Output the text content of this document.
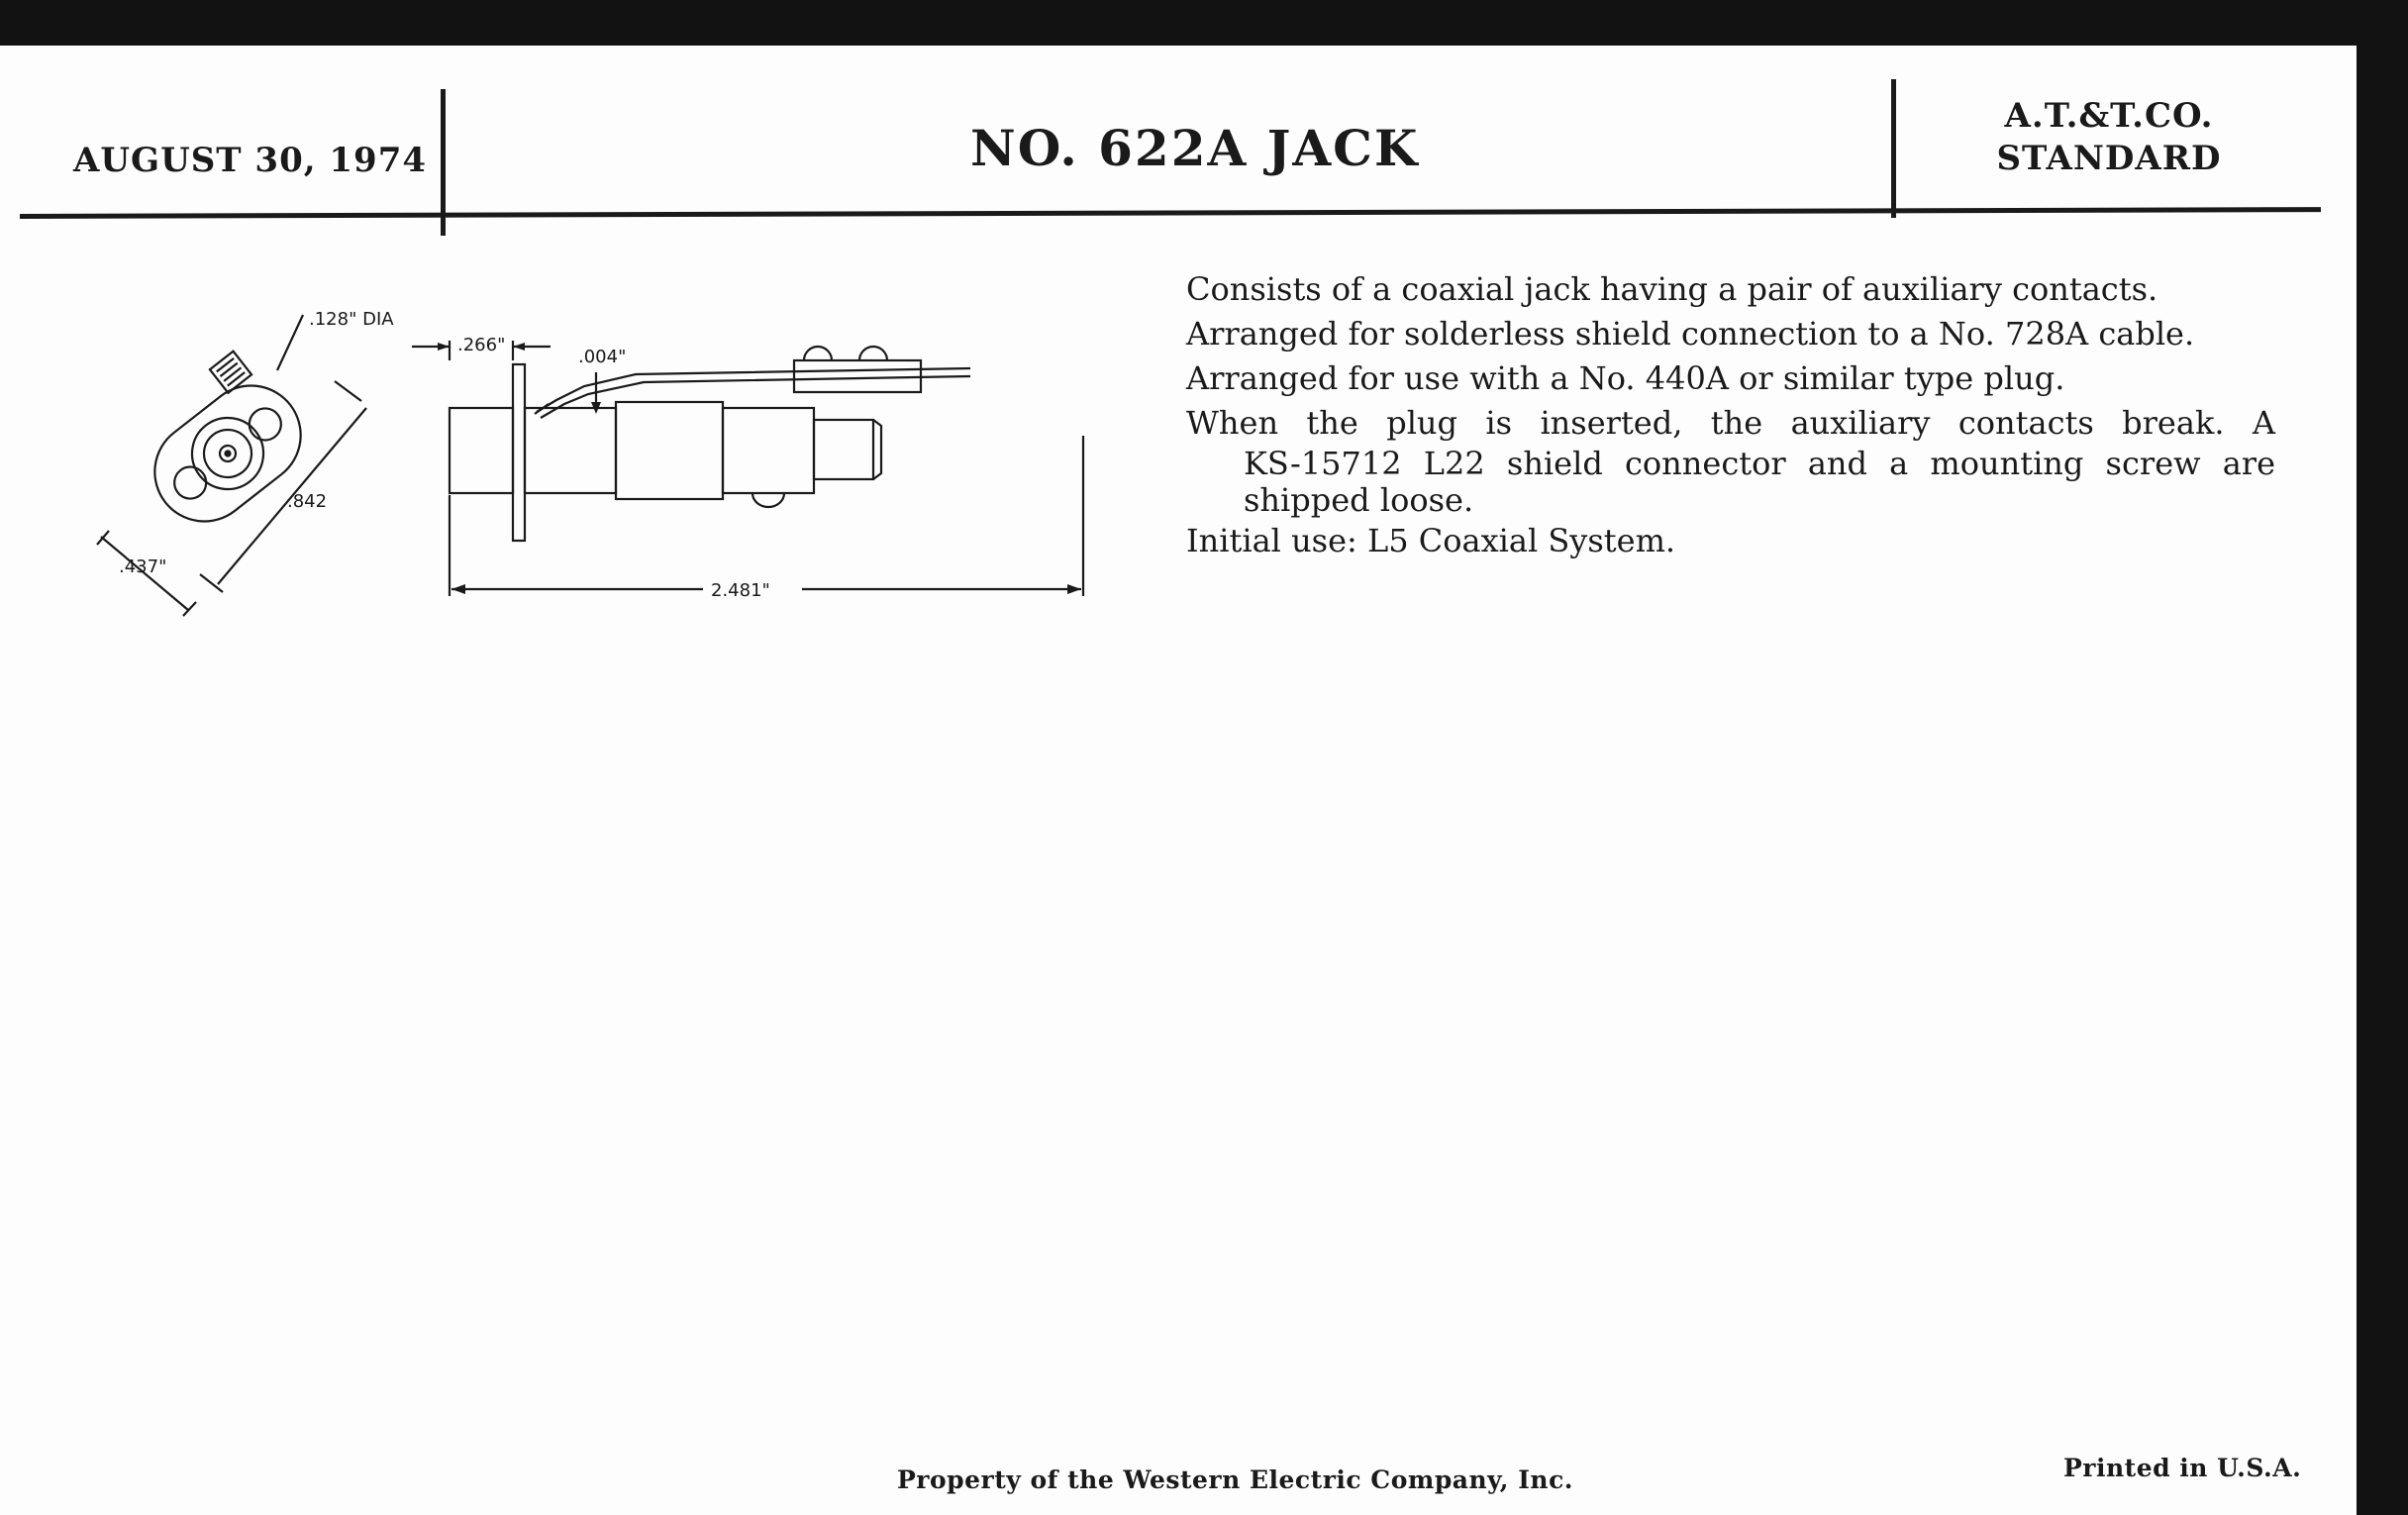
AUGUST 30, 1974	NO. 622A JACK
A.T.&T.CO.
STANDARD
.128" DIA
.842
.437"
.266"
.004"
2.481"

Consists of a coaxial jack having a pair of auxiliary contacts.

Arranged for solderless shield connection to a No. 728A cable.

Arranged for use with a No. 440A or similar type plug.

When the plug is inserted, the auxiliary contacts break. A

KS-15712 L22 shield connector and a mounting screw are

shipped loose.

Initial use: L5 Coaxial System.

Property of the Western Electric Company, Inc.	Printed in U.S.A.
